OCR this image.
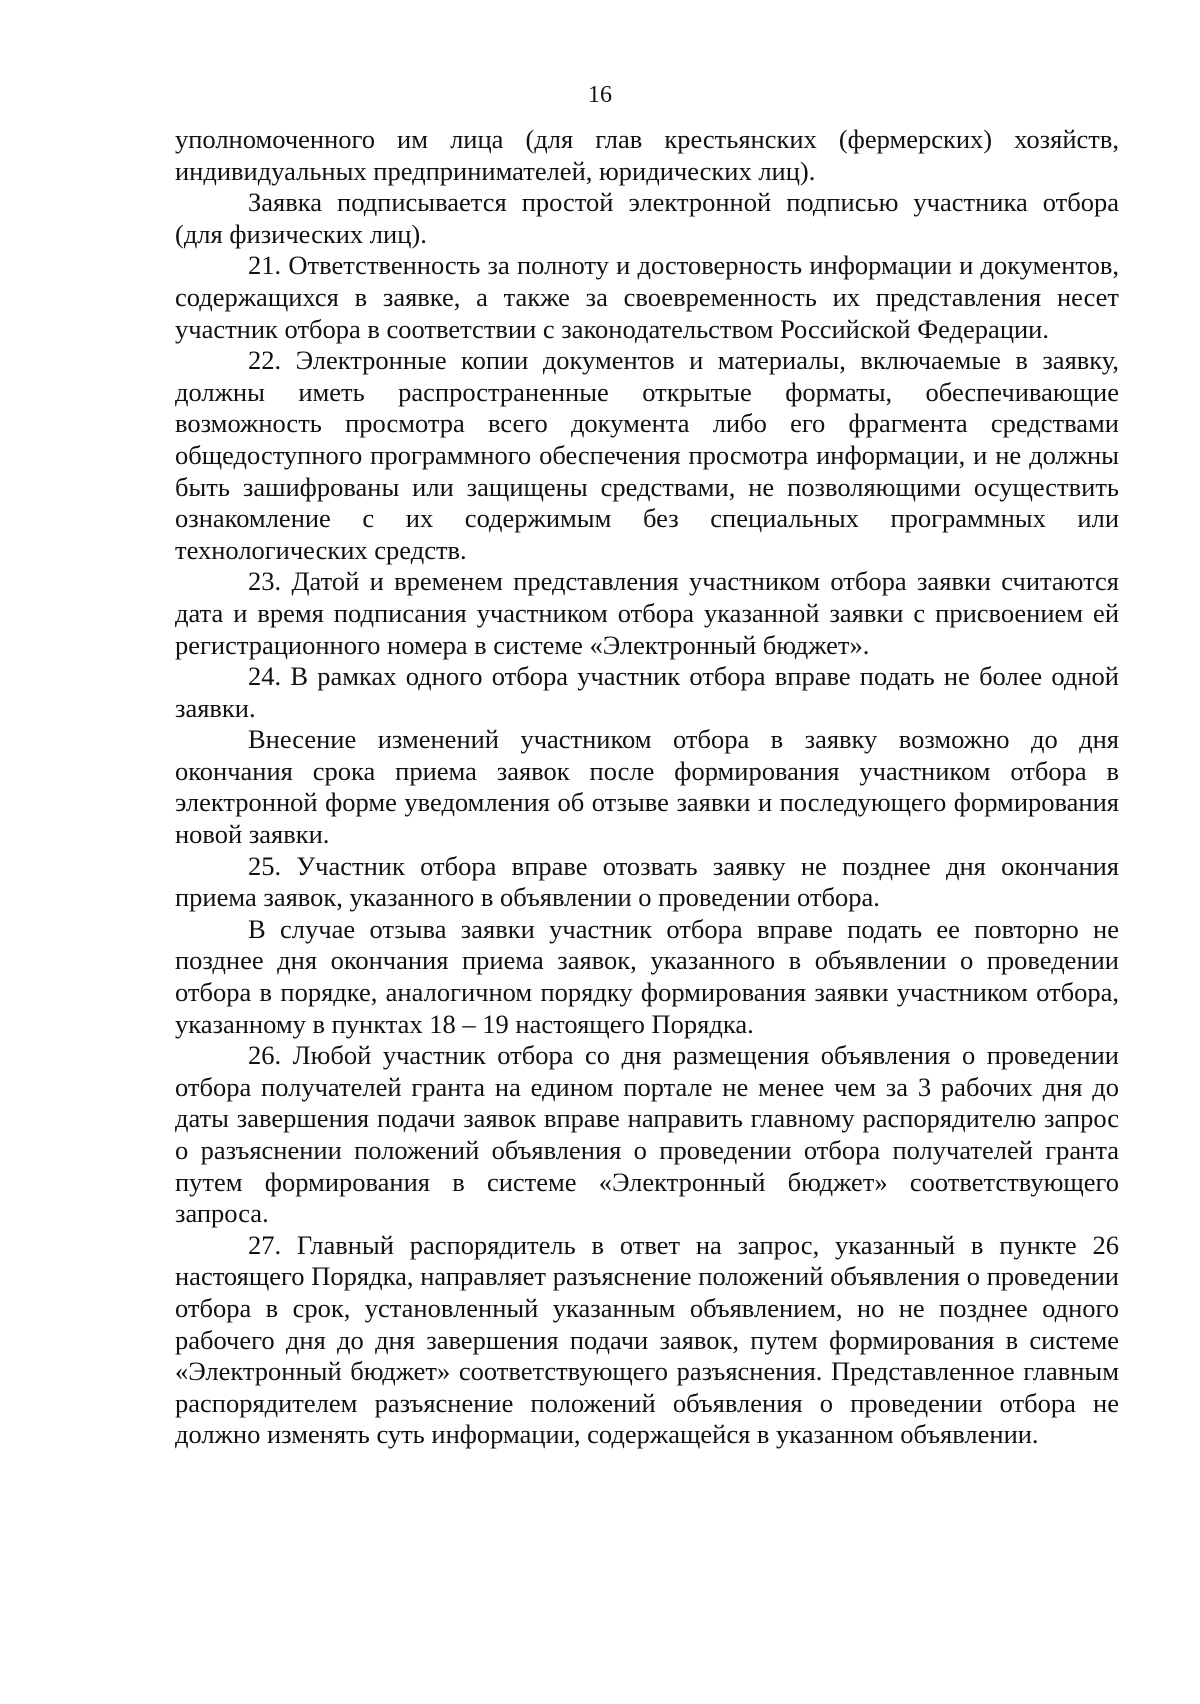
16

уполномоченного им лица (для глав крестьянских (фермерских) хозяйств, индивидуальных предпринимателей, юридических лиц).

Заявка подписывается простой электронной подписью участника отбора (для физических лиц).

21. Ответственность за полноту и достоверность информации и документов, содержащихся в заявке, а также за своевременность их представления несет участник отбора в соответствии с законодательством Российской Федерации.

22. Электронные копии документов и материалы, включаемые в заявку, должны иметь распространенные открытые форматы, обеспечивающие возможность просмотра всего документа либо его фрагмента средствами общедоступного программного обеспечения просмотра информации, и не должны быть зашифрованы или защищены средствами, не позволяющими осуществить ознакомление с их содержимым без специальных программных или технологических средств.

23. Датой и временем представления участником отбора заявки считаются дата и время подписания участником отбора указанной заявки с присвоением ей регистрационного номера в системе «Электронный бюджет».

24. В рамках одного отбора участник отбора вправе подать не более одной заявки.

Внесение изменений участником отбора в заявку возможно до дня окончания срока приема заявок после формирования участником отбора в электронной форме уведомления об отзыве заявки и последующего формирования новой заявки.

25. Участник отбора вправе отозвать заявку не позднее дня окончания приема заявок, указанного в объявлении о проведении отбора.

В случае отзыва заявки участник отбора вправе подать ее повторно не позднее дня окончания приема заявок, указанного в объявлении о проведении отбора в порядке, аналогичном порядку формирования заявки участником отбора, указанному в пунктах 18 – 19 настоящего Порядка.

26. Любой участник отбора со дня размещения объявления о проведении отбора получателей гранта на едином портале не менее чем за 3 рабочих дня до даты завершения подачи заявок вправе направить главному распорядителю запрос о разъяснении положений объявления о проведении отбора получателей гранта путем формирования в системе «Электронный бюджет» соответствующего запроса.

27. Главный распорядитель в ответ на запрос, указанный в пункте 26 настоящего Порядка, направляет разъяснение положений объявления о проведении отбора в срок, установленный указанным объявлением, но не позднее одного рабочего дня до дня завершения подачи заявок, путем формирования в системе «Электронный бюджет» соответствующего разъяснения. Представленное главным распорядителем разъяснение положений объявления о проведении отбора не должно изменять суть информации, содержащейся в указанном объявлении.
